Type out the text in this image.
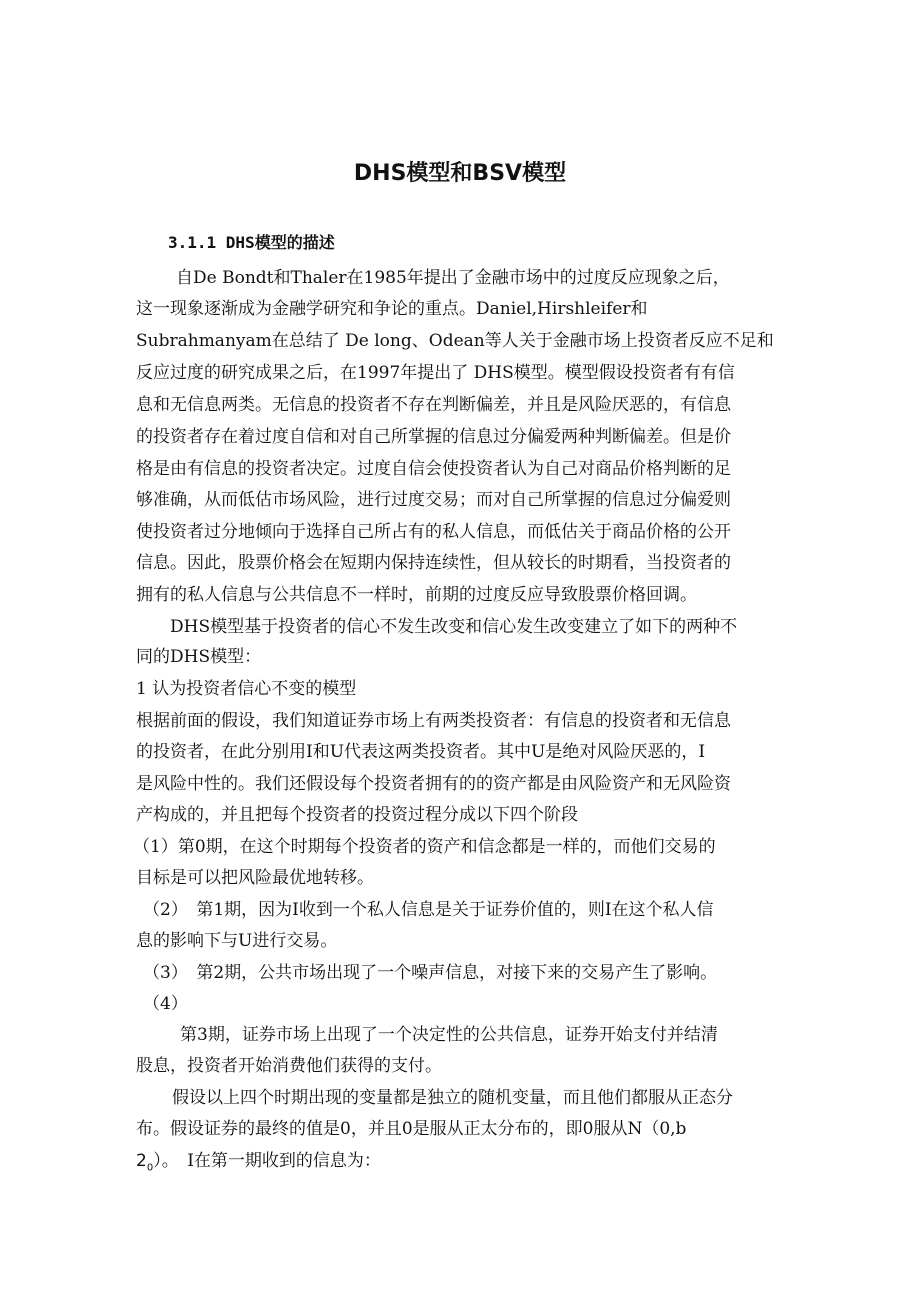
DHS模型和BSV模型
3.1.1 DHS模型的描述
自De Bondt和Thaler在1985年提出了金融市场中的过度反应现象之后，
这一现象逐渐成为金融学研究和争论的重点。Daniel,Hirshleifer和
Subrahmanyam在总结了 De long、Odean等人关于金融市场上投资者反应不足和
反应过度的研究成果之后，在1997年提出了 DHS模型。模型假设投资者有有信
息和无信息两类。无信息的投资者不存在判断偏差，并且是风险厌恶的，有信息
的投资者存在着过度自信和对自己所掌握的信息过分偏爱两种判断偏差。但是价
格是由有信息的投资者决定。过度自信会使投资者认为自己对商品价格判断的足
够准确，从而低估市场风险，进行过度交易；而对自己所掌握的信息过分偏爱则
使投资者过分地倾向于选择自己所占有的私人信息，而低估关于商品价格的公开
信息。因此，股票价格会在短期内保持连续性，但从较长的时期看，当投资者的
拥有的私人信息与公共信息不一样时，前期的过度反应导致股票价格回调。
DHS模型基于投资者的信心不发生改变和信心发生改变建立了如下的两种不
同的DHS模型：
1 认为投资者信心不变的模型
根据前面的假设，我们知道证券市场上有两类投资者：有信息的投资者和无信息
的投资者，在此分别用I和U代表这两类投资者。其中U是绝对风险厌恶的，I
是风险中性的。我们还假设每个投资者拥有的的资产都是由风险资产和无风险资
产构成的，并且把每个投资者的投资过程分成以下四个阶段
（1）第0期，在这个时期每个投资者的资产和信念都是一样的，而他们交易的
目标是可以把风险最优地转移。
（2）　第1期，因为I收到一个私人信息是关于证券价值的，则I在这个私人信
息的影响下与U进行交易。
（3）　第2期，公共市场出现了一个噪声信息，对接下来的交易产生了影响。
（4）
第3期，证券市场上出现了一个决定性的公共信息，证券开始支付并结清
股息，投资者开始消费他们获得的支付。
假设以上四个时期出现的变量都是独立的随机变量，而且他们都服从正态分
布。假设证券的最终的值是0，并且0是服从正太分布的，即0服从N（0,b
$2_0$）。　I在第一期收到的信息为：
